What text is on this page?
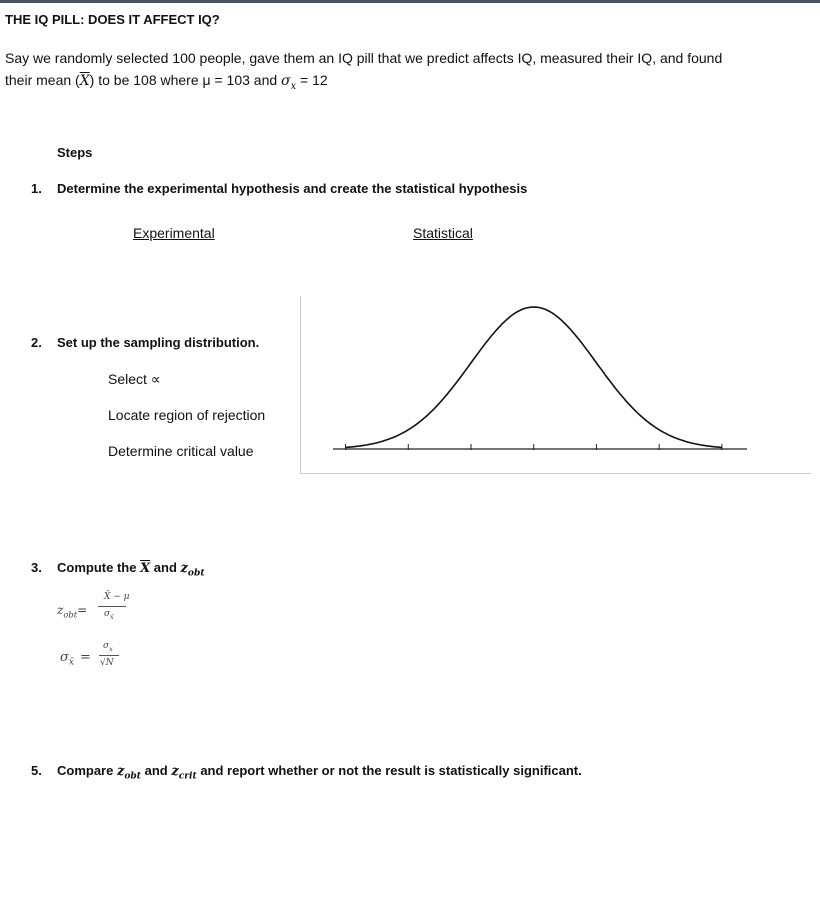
THE IQ PILL: DOES IT AFFECT IQ?
Say we randomly selected 100 people, gave them an IQ pill that we predict affects IQ, measured their IQ, and found
their mean $(\overline{X})$ to be 108 where μ = 103 and $\sigma_x = 12$
Steps
1. Determine the experimental hypothesis and create the statistical hypothesis
Experimental	Statistical
2. Set up the sampling distribution.
Select ∝
Locate region of rejection
Determine critical value
3. Compute the $\overline{X}$ and $z_{obt}$
$z_{obt}=$
X̄ − μ
$\sigma_{x̄}$
$\sigma_{x̄}$ =
$\sigma_x$
√N
5. Compare $z_{obt}$ and $z_{crit}$ and report whether or not the result is statistically significant.
